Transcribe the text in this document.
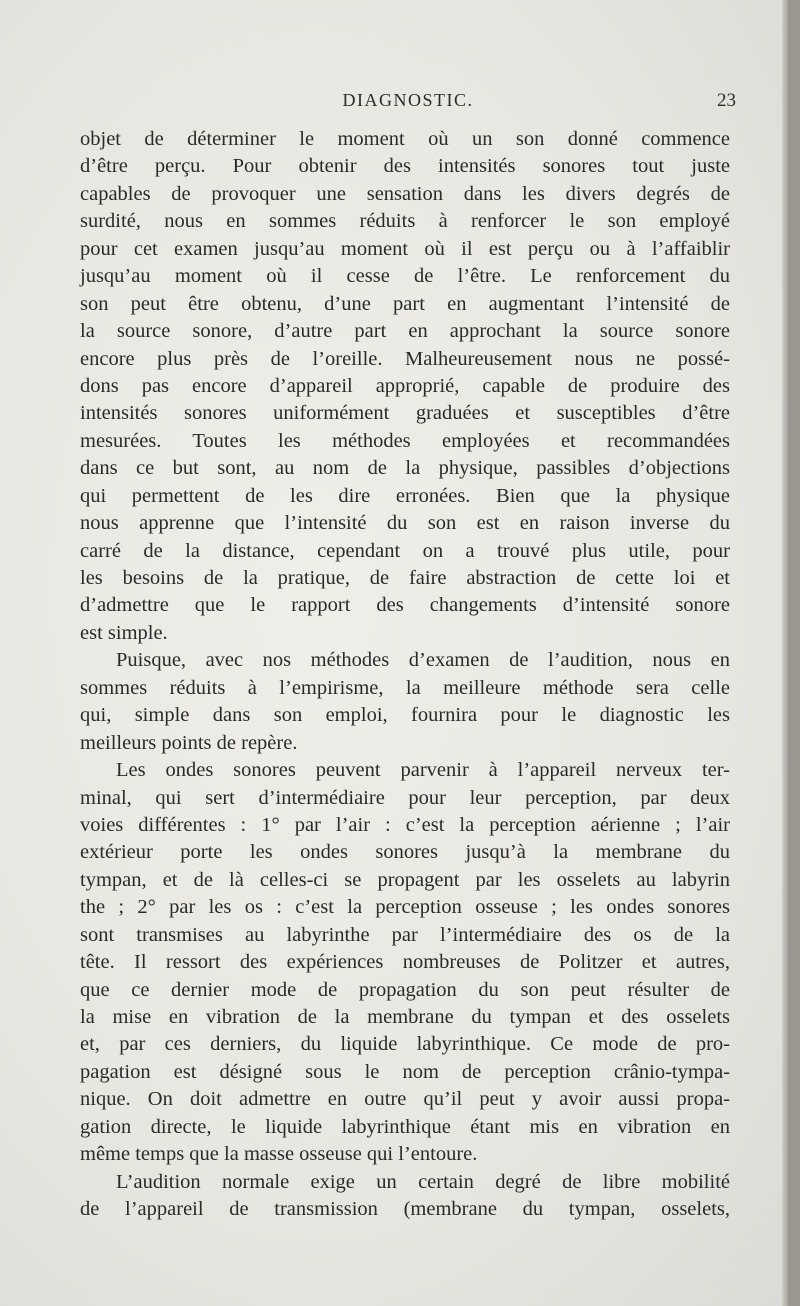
DIAGNOSTIC.	23
objet de déterminer le moment où un son donné commence
d’être perçu. Pour obtenir des intensités sonores tout juste
capables de provoquer une sensation dans les divers degrés de
surdité, nous en sommes réduits à renforcer le son employé
pour cet examen jusqu’au moment où il est perçu ou à l’affaiblir
jusqu’au moment où il cesse de l’être. Le renforcement du
son peut être obtenu, d’une part en augmentant l’intensité de
la source sonore, d’autre part en approchant la source sonore
encore plus près de l’oreille. Malheureusement nous ne possé-
dons pas encore d’appareil approprié, capable de produire des
intensités sonores uniformément graduées et susceptibles d’être
mesurées. Toutes les méthodes employées et recommandées
dans ce but sont, au nom de la physique, passibles d’objections
qui permettent de les dire erronées. Bien que la physique
nous apprenne que l’intensité du son est en raison inverse du
carré de la distance, cependant on a trouvé plus utile, pour
les besoins de la pratique, de faire abstraction de cette loi et
d’admettre que le rapport des changements d’intensité sonore
est simple.
Puisque, avec nos méthodes d’examen de l’audition, nous en
sommes réduits à l’empirisme, la meilleure méthode sera celle
qui, simple dans son emploi, fournira pour le diagnostic les
meilleurs points de repère.
Les ondes sonores peuvent parvenir à l’appareil nerveux ter-
minal, qui sert d’intermédiaire pour leur perception, par deux
voies différentes : 1° par l’air : c’est la perception aérienne ; l’air
extérieur porte les ondes sonores jusqu’à la membrane du
tympan, et de là celles-ci se propagent par les osselets au labyrin
the ; 2° par les os : c’est la perception osseuse ; les ondes sonores
sont transmises au labyrinthe par l’intermédiaire des os de la
tête. Il ressort des expériences nombreuses de Politzer et autres,
que ce dernier mode de propagation du son peut résulter de
la mise en vibration de la membrane du tympan et des osselets
et, par ces derniers, du liquide labyrinthique. Ce mode de pro-
pagation est désigné sous le nom de perception crânio-tympa-
nique. On doit admettre en outre qu’il peut y avoir aussi propa-
gation directe, le liquide labyrinthique étant mis en vibration en
même temps que la masse osseuse qui l’entoure.
L’audition normale exige un certain degré de libre mobilité
de l’appareil de transmission (membrane du tympan, osselets,
